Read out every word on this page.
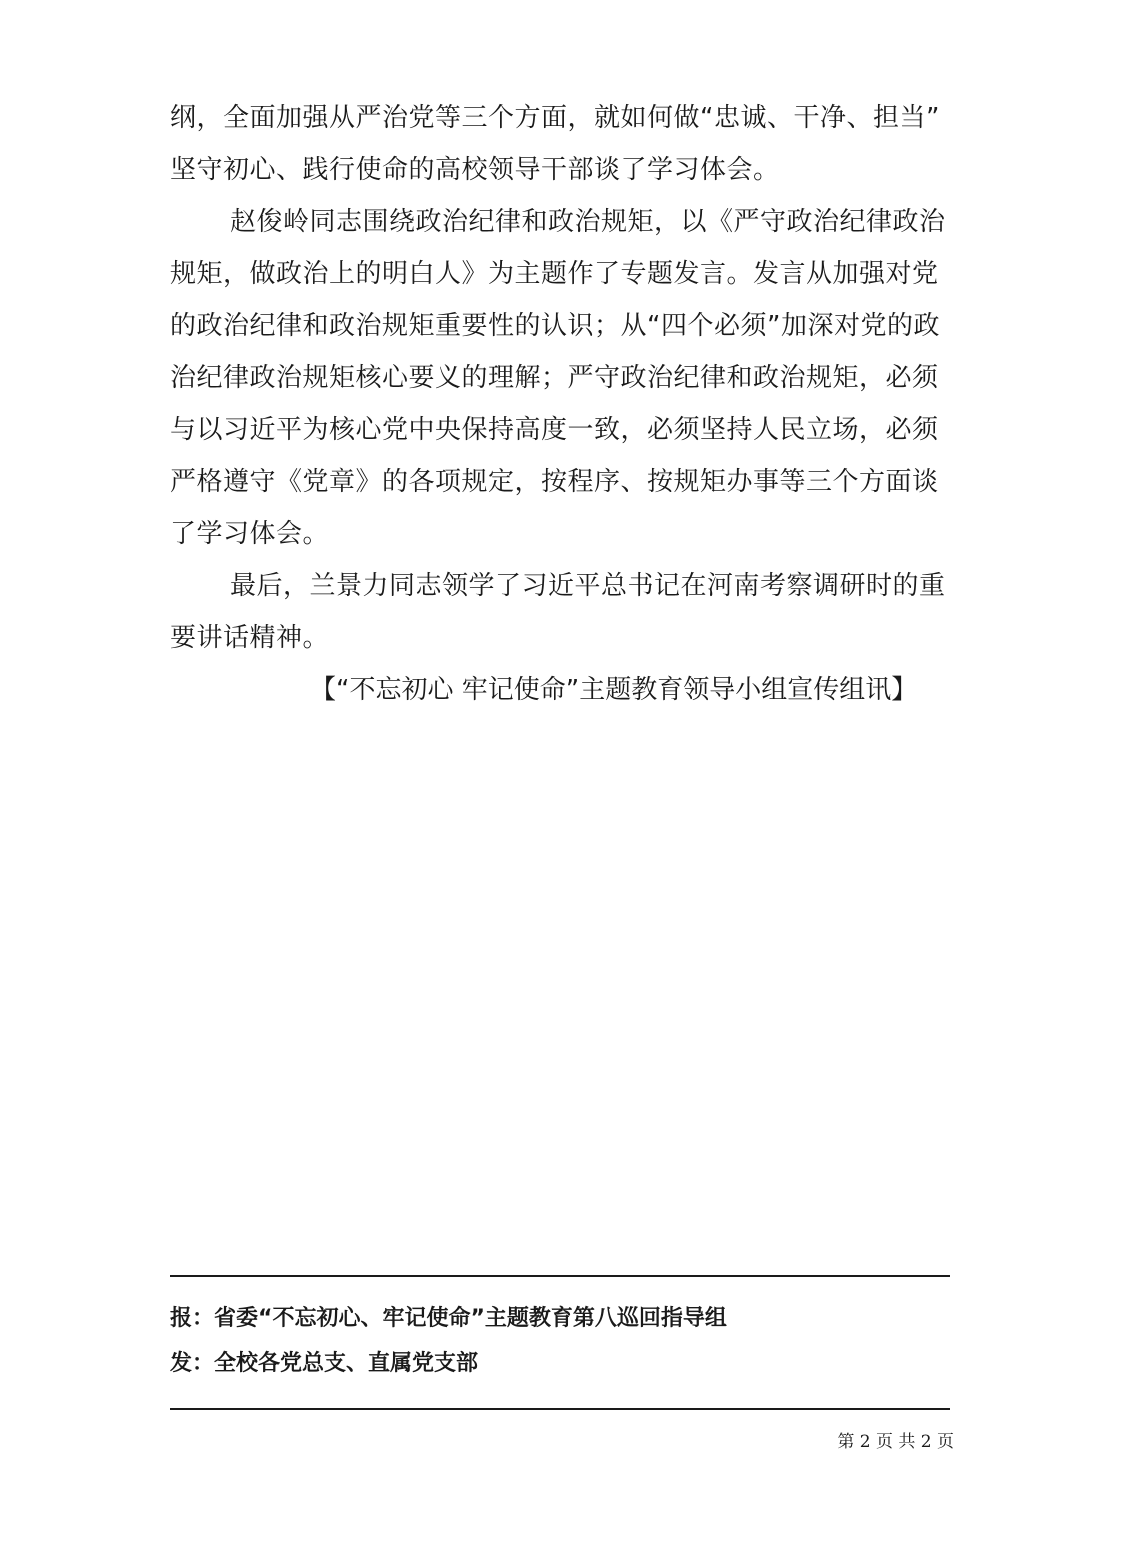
纲，全面加强从严治党等三个方面，就如何做“忠诚、干净、担当”
坚守初心、践行使命的高校领导干部谈了学习体会。
赵俊岭同志围绕政治纪律和政治规矩，以《严守政治纪律政治
规矩，做政治上的明白人》为主题作了专题发言。发言从加强对党
的政治纪律和政治规矩重要性的认识；从“四个必须”加深对党的政
治纪律政治规矩核心要义的理解；严守政治纪律和政治规矩，必须
与以习近平为核心党中央保持高度一致，必须坚持人民立场，必须
严格遵守《党章》的各项规定，按程序、按规矩办事等三个方面谈
了学习体会。
最后，兰景力同志领学了习近平总书记在河南考察调研时的重
要讲话精神。
【“不忘初心 牢记使命”主题教育领导小组宣传组讯】
报：省委“不忘初心、牢记使命”主题教育第八巡回指导组
发：全校各党总支、直属党支部
第 2 页 共 2 页
